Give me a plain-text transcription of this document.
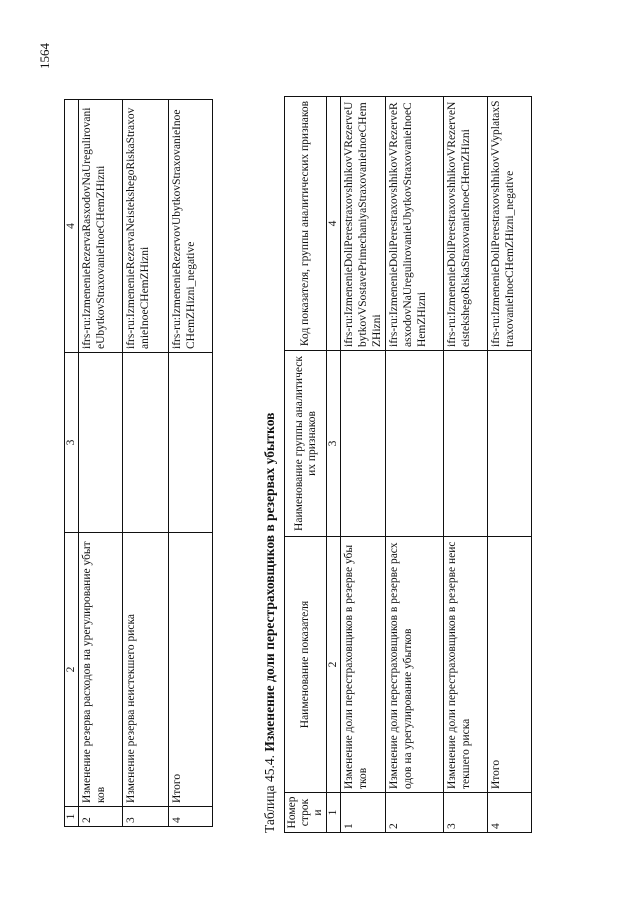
1564
1	2	3	4
2	Изменение резерва расходов на урегулирование убытков		ifrs-ru:IzmenenieRezervaRasxodovNaUregulirovanieUbytkovStraxovanieInoeCHemZHizni
3	Изменение резерва неистекшего риска		ifrs-ru:IzmenenieRezervaNeistekshegoRiskaStraxovanieInoeCHemZHizni
4	Итого		ifrs-ru:IzmenenieRezervovUbytkovStraxovanieInoeCHemZHizni_negative
Таблица 45.4. Изменение доли перестраховщиков в резервах убытков
Номер строки	Наименование показателя	Наименование группы аналитических признаков	Код показателя, группы аналитических признаков
1	2	3	4
1	Изменение доли перестраховщиков в резерве убытков		ifrs-ru:IzmenenieDoliPerestraxovshhikovVRezerveUbytkovVSostavePrimechaniyaStraxovanieInoeCHemZHizni
2	Изменение доли перестраховщиков в резерве расходов на урегулирование убытков		ifrs-ru:IzmenenieDoliPerestraxovshhikovVRezerveRasxodovNaUregulirovanieUbytkovStraxovanieInoeCHemZHizni
3	Изменение доли перестраховщиков в резерве неистекшего риска		ifrs-ru:IzmenenieDoliPerestraxovshhikovVRezerveNeistekshegoRiskaStraxovanieInoeCHemZHizni
4	Итого		ifrs-ru:IzmenenieDoliPerestraxovshhikovVVyplataxStraxovanieInoeCHemZHizni_negative
